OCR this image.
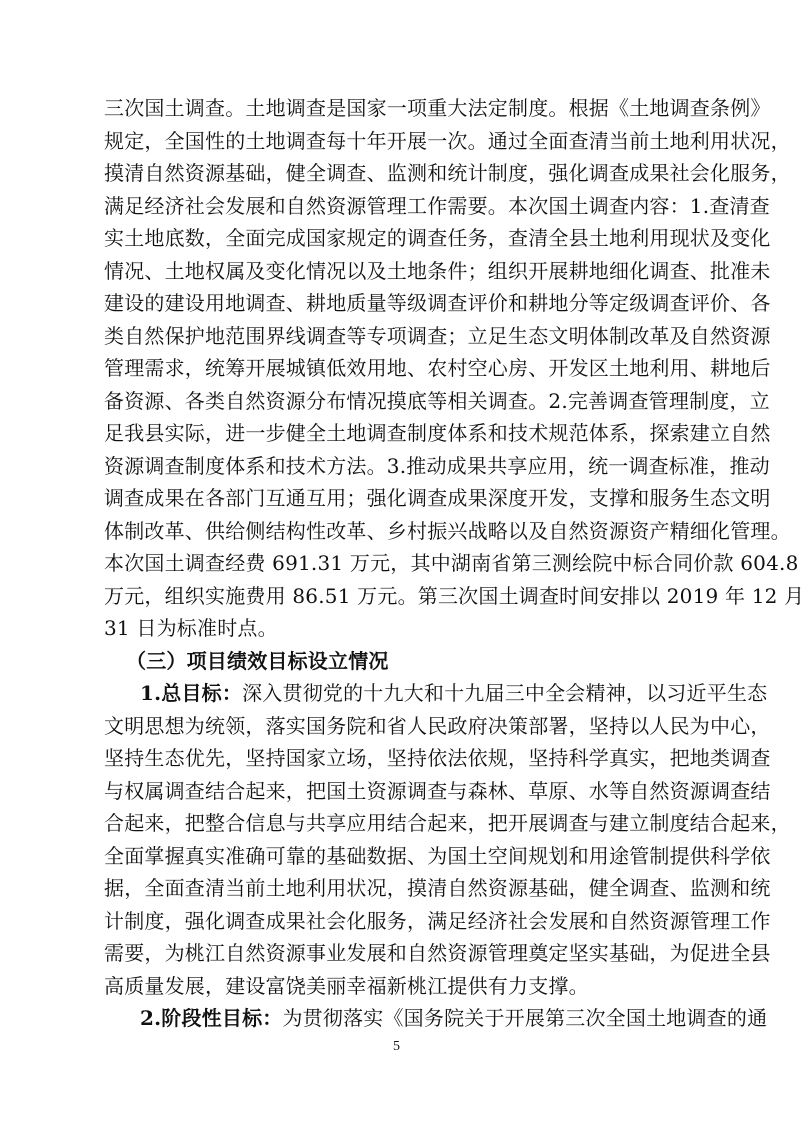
三次国土调查。土地调查是国家一项重大法定制度。根据《土地调查条例》
规定，全国性的土地调查每十年开展一次。通过全面查清当前土地利用状况，
摸清自然资源基础，健全调查、监测和统计制度，强化调查成果社会化服务，
满足经济社会发展和自然资源管理工作需要。本次国土调查内容：1.查清查
实土地底数，全面完成国家规定的调查任务，查清全县土地利用现状及变化
情况、土地权属及变化情况以及土地条件；组织开展耕地细化调查、批准未
建设的建设用地调查、耕地质量等级调查评价和耕地分等定级调查评价、各
类自然保护地范围界线调查等专项调查；立足生态文明体制改革及自然资源
管理需求，统筹开展城镇低效用地、农村空心房、开发区土地利用、耕地后
备资源、各类自然资源分布情况摸底等相关调查。2.完善调查管理制度，立
足我县实际，进一步健全土地调查制度体系和技术规范体系，探索建立自然
资源调查制度体系和技术方法。3.推动成果共享应用，统一调查标准，推动
调查成果在各部门互通互用；强化调查成果深度开发，支撑和服务生态文明
体制改革、供给侧结构性改革、乡村振兴战略以及自然资源资产精细化管理。
本次国土调查经费 691.31 万元，其中湖南省第三测绘院中标合同价款 604.8
万元，组织实施费用 86.51 万元。第三次国土调查时间安排以 2019 年 12 月
31 日为标准时点。
（三）项目绩效目标设立情况
1.总目标：深入贯彻党的十九大和十九届三中全会精神，以习近平生态
文明思想为统领，落实国务院和省人民政府决策部署，坚持以人民为中心，
坚持生态优先，坚持国家立场，坚持依法依规，坚持科学真实，把地类调查
与权属调查结合起来，把国土资源调查与森林、草原、水等自然资源调查结
合起来，把整合信息与共享应用结合起来，把开展调查与建立制度结合起来，
全面掌握真实准确可靠的基础数据、为国土空间规划和用途管制提供科学依
据，全面查清当前土地利用状况，摸清自然资源基础，健全调查、监测和统
计制度，强化调查成果社会化服务，满足经济社会发展和自然资源管理工作
需要，为桃江自然资源事业发展和自然资源管理奠定坚实基础，为促进全县
高质量发展，建设富饶美丽幸福新桃江提供有力支撑。
2.阶段性目标：为贯彻落实《国务院关于开展第三次全国土地调查的通
5
